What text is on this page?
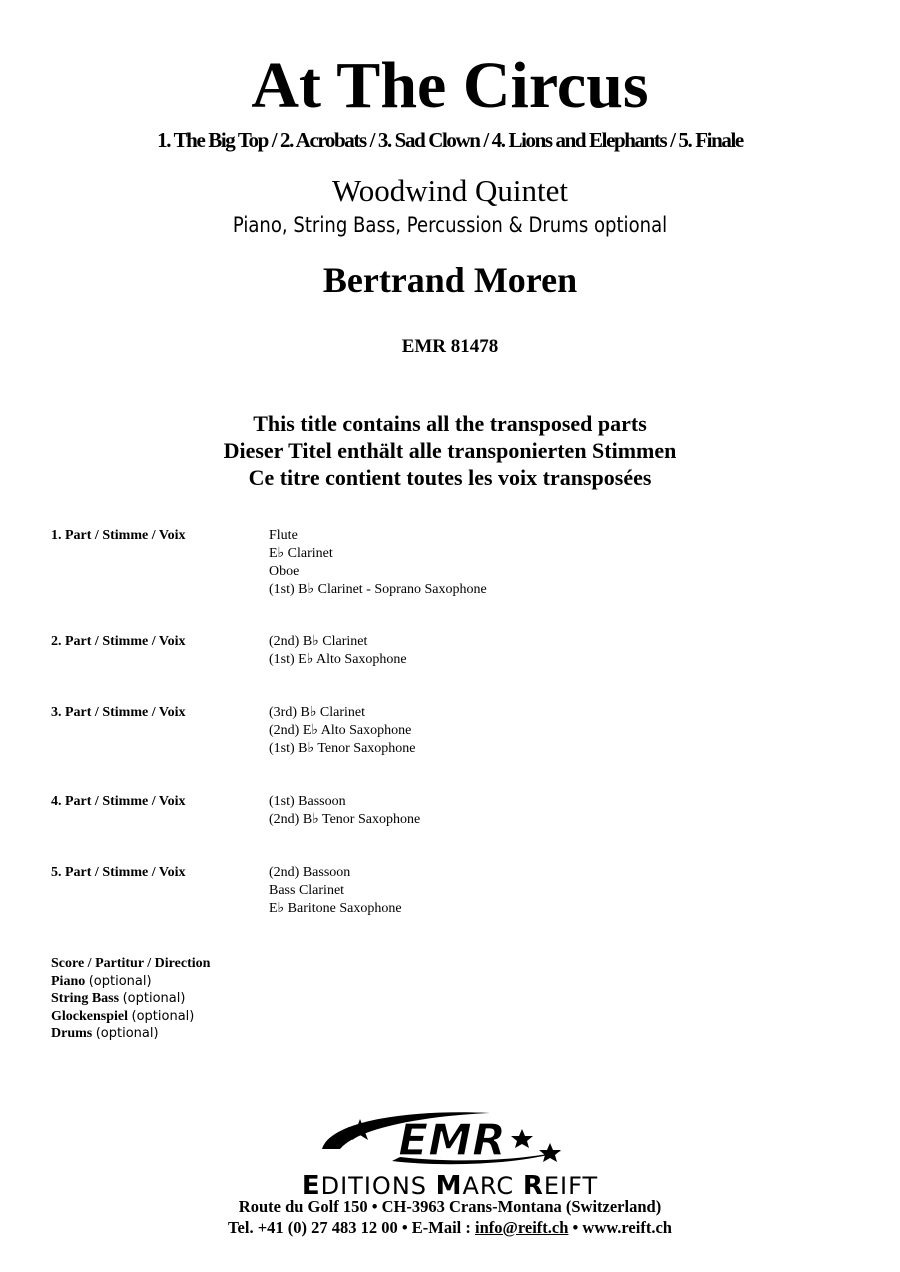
At The Circus
1. The Big Top / 2. Acrobats / 3. Sad Clown / 4. Lions and Elephants / 5. Finale
Woodwind Quintet
Piano, String Bass, Percussion & Drums optional
Bertrand Moren
EMR 81478
This title contains all the transposed parts
Dieser Titel enthält alle transponierten Stimmen
Ce titre contient toutes les voix transposées
1. Part / Stimme / Voix	Flute
E♭ Clarinet
Oboe
(1st) B♭ Clarinet - Soprano Saxophone
2. Part / Stimme / Voix	(2nd) B♭ Clarinet
(1st) E♭ Alto Saxophone
3. Part / Stimme / Voix	(3rd) B♭ Clarinet
(2nd) E♭ Alto Saxophone
(1st) B♭ Tenor Saxophone
4. Part / Stimme / Voix	(1st) Bassoon
(2nd) B♭ Tenor Saxophone
5. Part / Stimme / Voix	(2nd) Bassoon
Bass Clarinet
E♭ Baritone Saxophone
Score / Partitur / Direction
Piano (optional)
String Bass (optional)
Glockenspiel (optional)
Drums (optional)
EMR
EDITIONS MARC REIFT
Route du Golf 150 • CH-3963 Crans-Montana (Switzerland)
Tel. +41 (0) 27 483 12 00 • E-Mail : info@reift.ch • www.reift.ch
